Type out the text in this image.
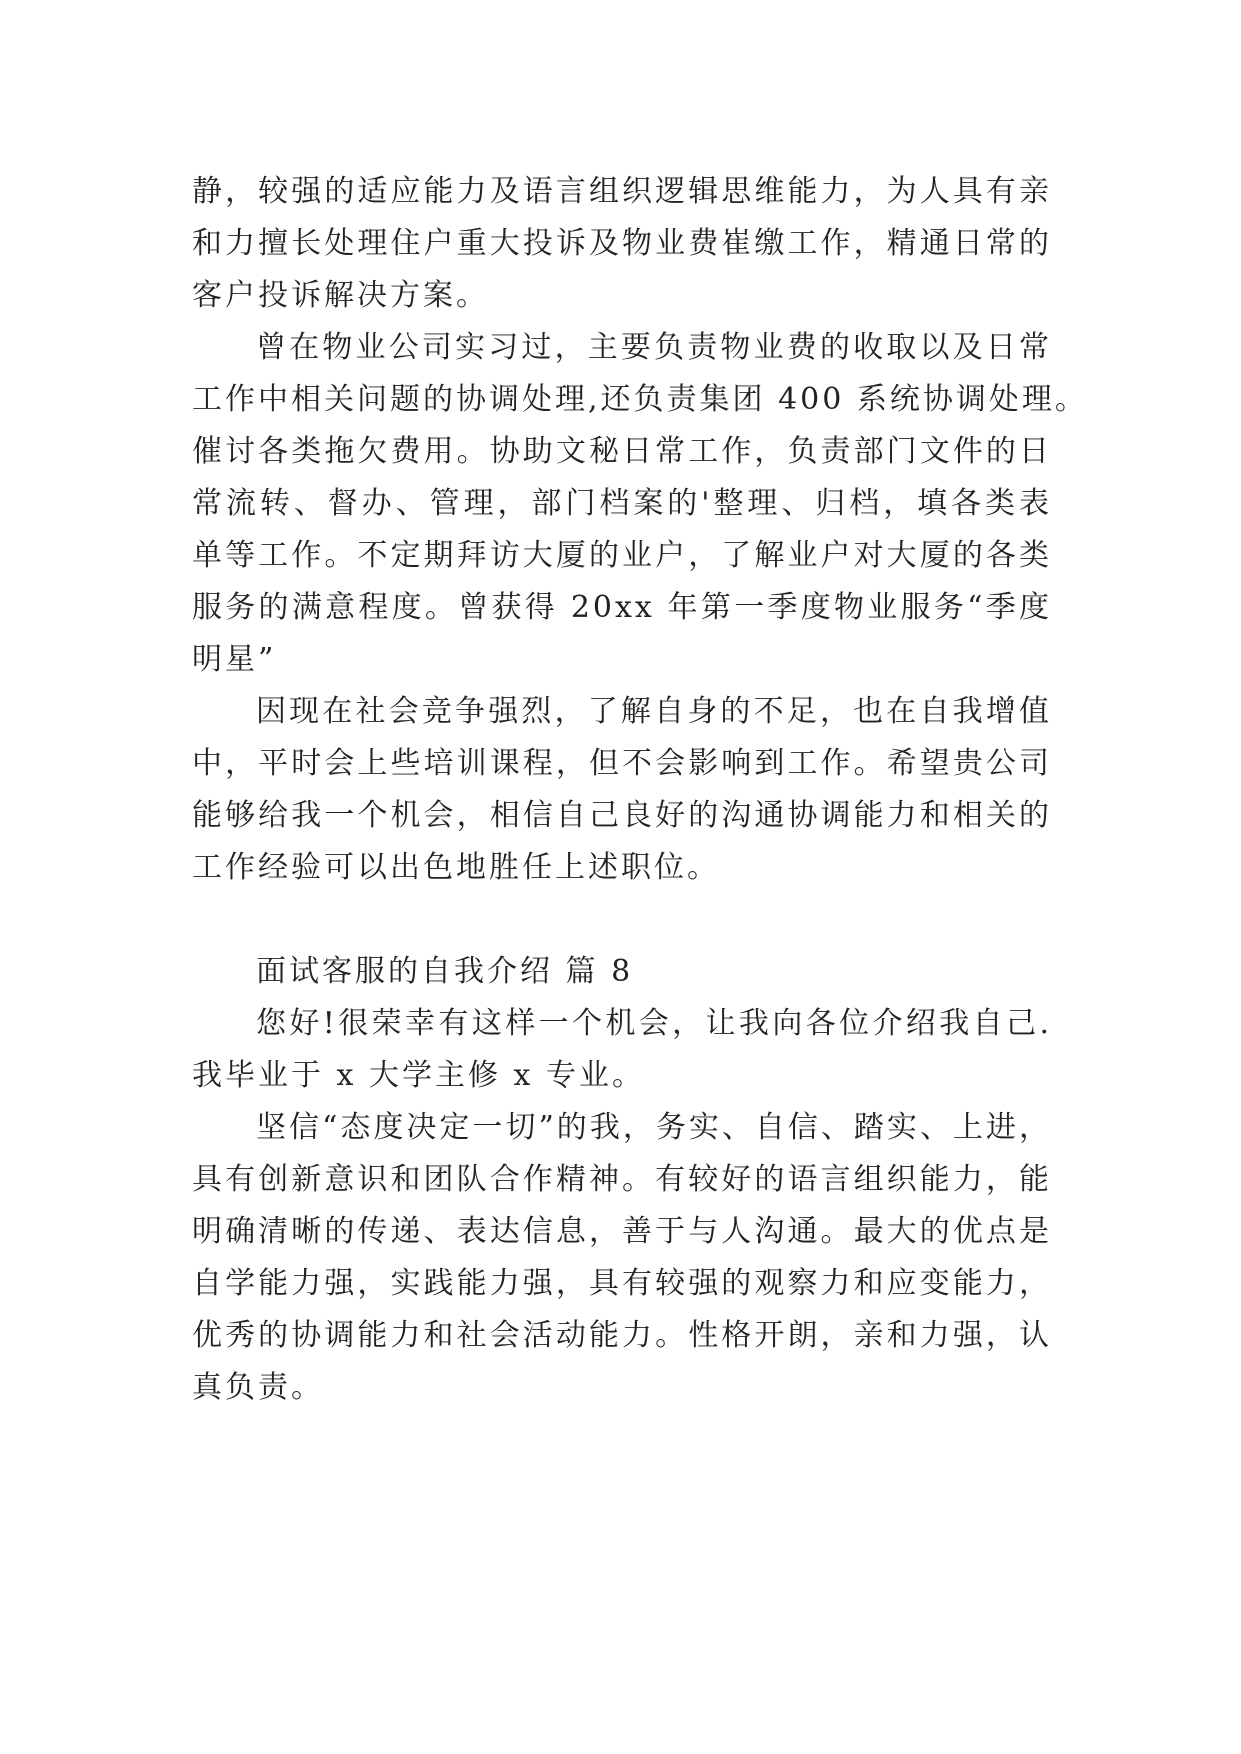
静，较强的适应能力及语言组织逻辑思维能力，为人具有亲
和力擅长处理住户重大投诉及物业费崔缴工作，精通日常的
客户投诉解决方案。
曾在物业公司实习过，主要负责物业费的收取以及日常
工作中相关问题的协调处理,还负责集团 400 系统协调处理。
催讨各类拖欠费用。协助文秘日常工作，负责部门文件的日
常流转、督办、管理，部门档案的'整理、归档，填各类表
单等工作。不定期拜访大厦的业户，了解业户对大厦的各类
服务的满意程度。曾获得 20xx 年第一季度物业服务“季度
明星”
因现在社会竞争强烈，了解自身的不足，也在自我增值
中，平时会上些培训课程，但不会影响到工作。希望贵公司
能够给我一个机会，相信自己良好的沟通协调能力和相关的
工作经验可以出色地胜任上述职位。
面试客服的自我介绍 篇 8
您好!很荣幸有这样一个机会，让我向各位介绍我自己.
我毕业于 x 大学主修 x 专业。
坚信“态度决定一切”的我，务实、自信、踏实、上进，
具有创新意识和团队合作精神。有较好的语言组织能力，能
明确清晰的传递、表达信息，善于与人沟通。最大的优点是
自学能力强，实践能力强，具有较强的观察力和应变能力，
优秀的协调能力和社会活动能力。性格开朗，亲和力强，认
真负责。
